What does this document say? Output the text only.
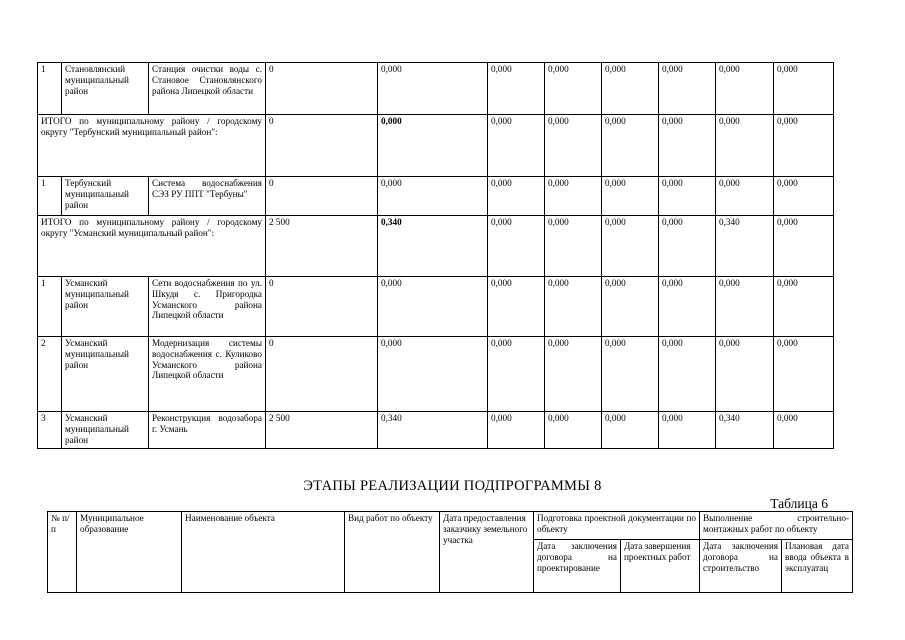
1	Становлянский муниципальный район	Станция очистки воды с. Становое Становлянского района Липецкой области	0	0,000	0,000	0,000	0,000	0,000	0,000	0,000
ИТОГО по муниципальному району / городскому округу "Тербунский муниципальный район":			0	0,000	0,000	0,000	0,000	0,000	0,000	0,000
1	Тербунский муниципальный район	Система водоснабжения СЭЗ РУ ППТ "Тербуны"	0	0,000	0,000	0,000	0,000	0,000	0,000	0,000
ИТОГО по муниципальному району / городскому округу "Усманский муниципальный район":			2 500	0,340	0,000	0,000	0,000	0,000	0,340	0,000
1	Усманский муниципальный район	Сети водоснабжения по ул. Шкудя с. Пригородка Усманского района Липецкой области	0	0,000	0,000	0,000	0,000	0,000	0,000	0,000
2	Усманский муниципальный район	Модернизация системы водоснабжения с. Куликово Усманского района Липецкой области	0	0,000	0,000	0,000	0,000	0,000	0,000	0,000
3	Усманский муниципальный район	Реконструкция водозабора г. Усмань	2 500	0,340	0,000	0,000	0,000	0,000	0,340	0,000
ЭТАПЫ РЕАЛИЗАЦИИ ПОДПРОГРАММЫ 8
Таблица 6
№ п/п	Муниципальное образование	Наименование объекта	Вид работ по объекту	Дата предоставления заказчику земельного участка	Подготовка проектной документации по объекту		Выполнение строительно-монтажных работ по объекту	
					Дата заключения договора на проектирование	Дата завершения проектных работ	Дата заключения договора на строительство	Плановая дата ввода объекта в эксплуатац
